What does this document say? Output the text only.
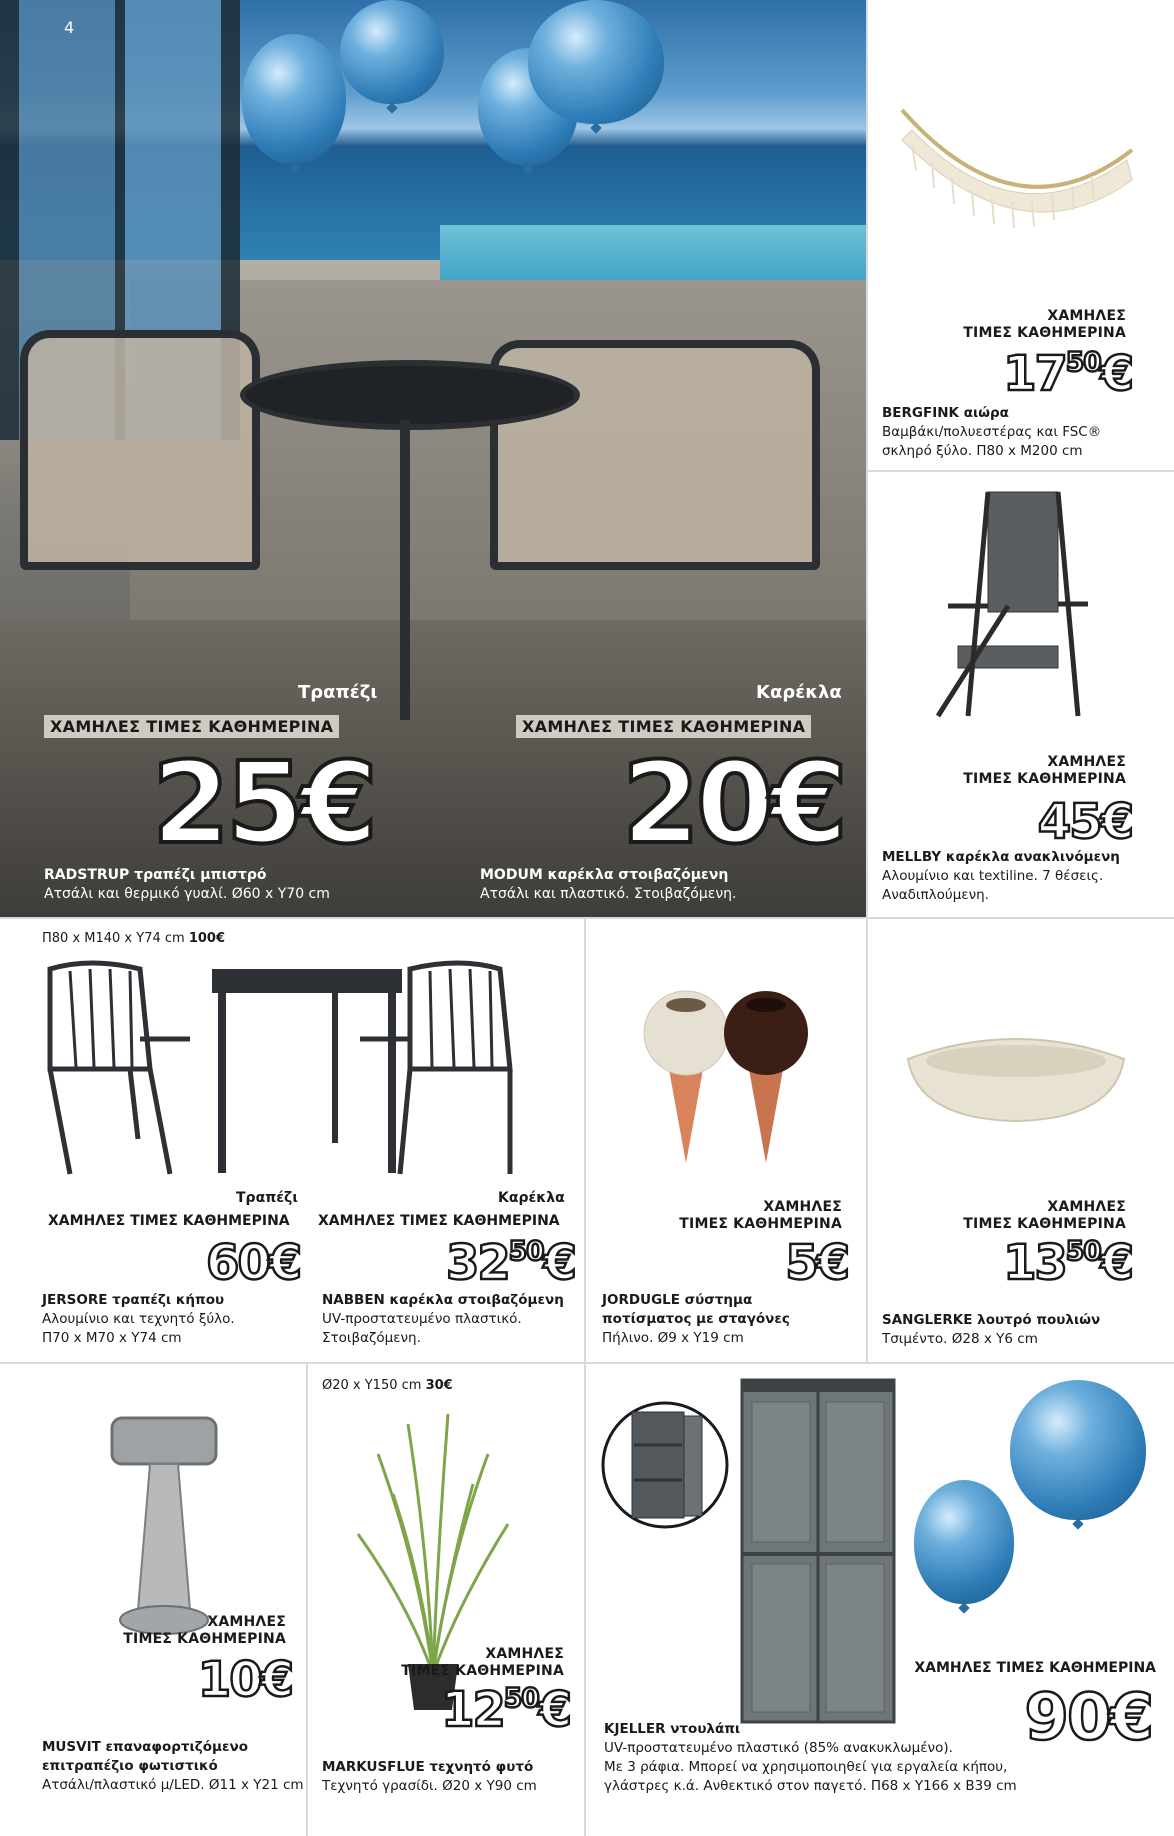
4
Τραπέζι
ΧΑΜΗΛΕΣ ΤΙΜΕΣ ΚΑΘΗΜΕΡΙΝΑ
25€
RADSTRUP τραπέζι μπιστρό
Ατσάλι και θερμικό γυαλί. Ø60 x Y70 cm
Καρέκλα
ΧΑΜΗΛΕΣ ΤΙΜΕΣ ΚΑΘΗΜΕΡΙΝΑ
20€
MODUM καρέκλα στοιβαζόμενη
Ατσάλι και πλαστικό. Στοιβαζόμενη.
ΧΑΜΗΛΕΣ
ΤΙΜΕΣ ΚΑΘΗΜΕΡΙΝΑ
$17^{50}€$
BERGFINK αιώρα
Βαμβάκι/πολυεστέρας και FSC®
σκληρό ξύλο. Π80 x M200 cm
ΧΑΜΗΛΕΣ
ΤΙΜΕΣ ΚΑΘΗΜΕΡΙΝΑ
45€
MELLBY καρέκλα ανακλινόμενη
Αλουμίνιο και textiline. 7 θέσεις.
Αναδιπλούμενη.
Π80 x M140 x Y74 cm 100€
Τραπέζι	Καρέκλα
ΧΑΜΗΛΕΣ ΤΙΜΕΣ ΚΑΘΗΜΕΡΙΝΑ ΧΑΜΗΛΕΣ ΤΙΜΕΣ ΚΑΘΗΜΕΡΙΝΑ
60€	$32^{50}€$
JERSORE τραπέζι κήπου
Αλουμίνιο και τεχνητό ξύλο.
Π70 x M70 x Y74 cm
NABBEN καρέκλα στοιβαζόμενη
UV-προστατευμένο πλαστικό.
Στοιβαζόμενη.
ΧΑΜΗΛΕΣ
ΤΙΜΕΣ ΚΑΘΗΜΕΡΙΝΑ
5€
JORDUGLE σύστημα
ποτίσματος με σταγόνες
Πήλινο. Ø9 x Y19 cm
ΧΑΜΗΛΕΣ
ΤΙΜΕΣ ΚΑΘΗΜΕΡΙΝΑ
$13^{50}€$
SANGLERKE λουτρό πουλιών
Τσιμέντο. Ø28 x Y6 cm
ΧΑΜΗΛΕΣ
ΤΙΜΕΣ ΚΑΘΗΜΕΡΙΝΑ
10€
MUSVIT επαναφορτιζόμενο
επιτραπέζιο φωτιστικό
Ατσάλι/πλαστικό μ/LED. Ø11 x Y21 cm
Ø20 x Y150 cm 30€
ΧΑΜΗΛΕΣ
ΤΙΜΕΣ ΚΑΘΗΜΕΡΙΝΑ
$12^{50}€$
MARKUSFLUE τεχνητό φυτό
Τεχνητό γρασίδι. Ø20 x Y90 cm
ΧΑΜΗΛΕΣ ΤΙΜΕΣ ΚΑΘΗΜΕΡΙΝΑ
90€
KJELLER ντουλάπι
UV-προστατευμένο πλαστικό (85% ανακυκλωμένο).
Με 3 ράφια. Μπορεί να χρησιμοποιηθεί για εργαλεία κήπου,
γλάστρες κ.ά. Ανθεκτικό στον παγετό. Π68 x Y166 x B39 cm
